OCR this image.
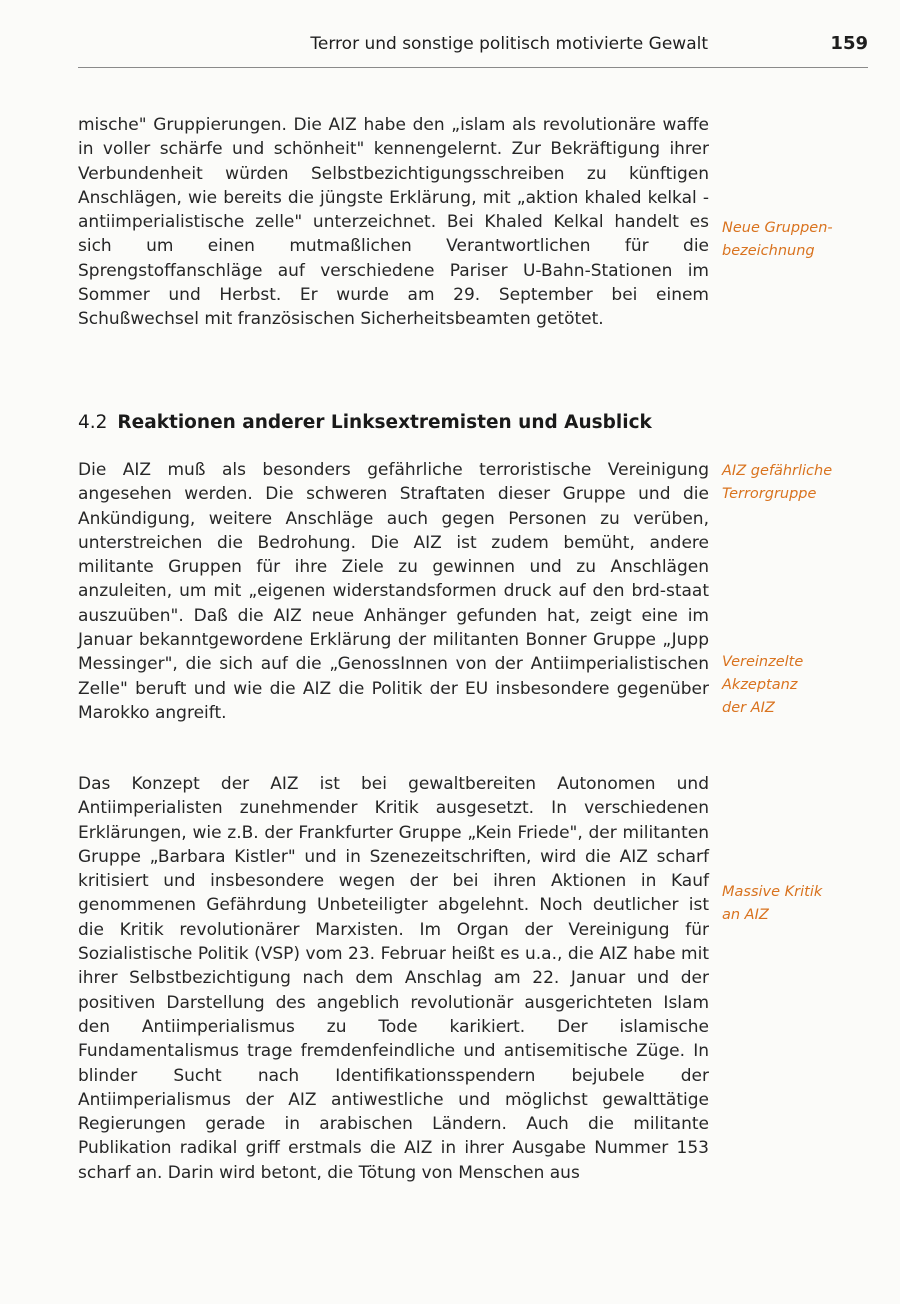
Terror und sonstige politisch motivierte Gewalt	159
mische" Gruppierungen. Die AIZ habe den „islam als revolutionäre waffe in voller schärfe und schönheit" kennengelernt. Zur Bekräftigung ihrer Verbundenheit würden Selbstbezichtigungsschreiben zu künftigen Anschlägen, wie bereits die jüngste Erklärung, mit „aktion khaled kelkal - antiimperialistische zelle" unterzeichnet. Bei Khaled Kelkal handelt es sich um einen mutmaßlichen Verantwortlichen für die Sprengstoffanschläge auf verschiedene Pariser U-Bahn-Stationen im Sommer und Herbst. Er wurde am 29. September bei einem Schußwechsel mit französischen Sicherheitsbeamten getötet.
4.2 Reaktionen anderer Linksextremisten und Ausblick
Die AIZ muß als besonders gefährliche terroristische Vereinigung angesehen werden. Die schweren Straftaten dieser Gruppe und die Ankündigung, weitere Anschläge auch gegen Personen zu verüben, unterstreichen die Bedrohung. Die AIZ ist zudem bemüht, andere militante Gruppen für ihre Ziele zu gewinnen und zu Anschlägen anzuleiten, um mit „eigenen widerstandsformen druck auf den brd-staat auszuüben". Daß die AIZ neue Anhänger gefunden hat, zeigt eine im Januar bekanntgewordene Erklärung der militanten Bonner Gruppe „Jupp Messinger", die sich auf die „GenossInnen von der Antiimperialistischen Zelle" beruft und wie die AIZ die Politik der EU insbesondere gegenüber Marokko angreift.
Das Konzept der AIZ ist bei gewaltbereiten Autonomen und Antiimperialisten zunehmender Kritik ausgesetzt. In verschiedenen Erklärungen, wie z.B. der Frankfurter Gruppe „Kein Friede", der militanten Gruppe „Barbara Kistler" und in Szenezeitschriften, wird die AIZ scharf kritisiert und insbesondere wegen der bei ihren Aktionen in Kauf genommenen Gefährdung Unbeteiligter abgelehnt. Noch deutlicher ist die Kritik revolutionärer Marxisten. Im Organ der Vereinigung für Sozialistische Politik (VSP) vom 23. Februar heißt es u.a., die AIZ habe mit ihrer Selbstbezichtigung nach dem Anschlag am 22. Januar und der positiven Darstellung des angeblich revolutionär ausgerichteten Islam den Antiimperialismus zu Tode karikiert. Der islamische Fundamentalismus trage fremdenfeindliche und antisemitische Züge. In blinder Sucht nach Identifikationsspendern bejubele der Antiimperialismus der AIZ antiwestliche und möglichst gewalttätige Regierungen gerade in arabischen Ländern. Auch die militante Publikation radikal griff erstmals die AIZ in ihrer Ausgabe Nummer 153 scharf an. Darin wird betont, die Tötung von Menschen aus
Neue Gruppen-
bezeichnung
AIZ gefährliche
Terrorgruppe
Vereinzelte
Akzeptanz
der AIZ
Massive Kritik
an AIZ
